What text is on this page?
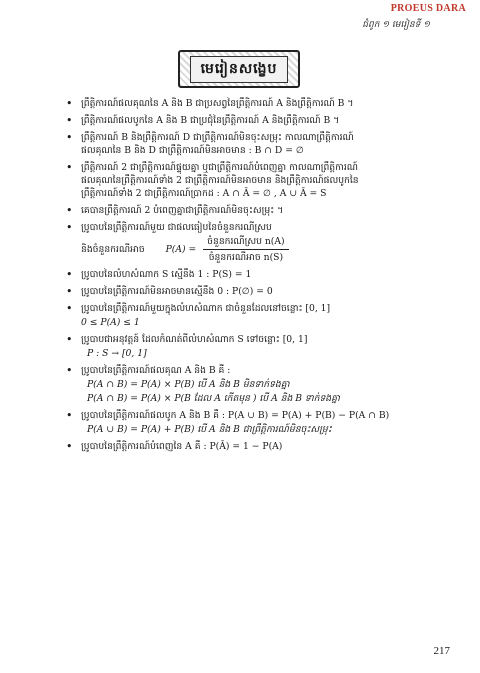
PROEUS DARA
ជំពូក ១ មេរៀនទី ១
មេរៀនសង្ខេប
• ព្រឹត្តិការណ៍ផលគុណនៃ A និង B ជាប្រសព្វនៃព្រឹត្តិការណ៍ A និងព្រឹត្តិការណ៍ B ។
• ព្រឹត្តិការណ៍ផលបូកនៃ A និង B ជាប្រជុំនៃព្រឹត្តិការណ៍ A និងព្រឹត្តិការណ៍ B ។
• ព្រឹត្តិការណ៍ B និងព្រឹត្តិការណ៍ D ជាព្រឹត្តិការណ៍មិនចុះសម្រុះ កាលណាព្រឹត្តិការណ៍
ផលគុណនៃ B និង D ជាព្រឹត្តិការណ៍មិនអាចមាន : B ∩ D = ∅
• ព្រឹត្តិការណ៍ 2 ជាព្រឹត្តិការណ៍ផ្ទុយគ្នា ឬជាព្រឹត្តិការណ៍បំពេញគ្នា កាលណាព្រឹត្តិការណ៍
ផលគុណនៃព្រឹត្តិការណ៍ទាំង 2 ជាព្រឹត្តិការណ៍មិនអាចមាន និងព្រឹត្តិការណ៍ផលបូកនៃ
ព្រឹត្តិការណ៍ទាំង 2 ជាព្រឹត្តិការណ៍ប្រាកដ : A ∩ Ā = ∅ , A ∪ Ā = S
• គេបានព្រឹត្តិការណ៍ 2 បំពេញគ្នាជាព្រឹត្តិការណ៍មិនចុះសម្រុះ ។
• ប្រូបាបនៃព្រឹត្តិការណ៍មួយ ជាផលធៀបនៃចំនួនករណីស្រប
និងចំនួនករណីអាច $P(A) = \frac{\text{ចំនួនករណីស្រប n(A)}}{\text{ចំនួនករណីអាច n(S)}}$
• ប្រូបាបនៃលំហសំណាក S ស្មើនឹង 1 : P(S) = 1
• ប្រូបាបនៃព្រឹត្តិការណ៍មិនអាចមានស្មើនឹង 0 : P(∅) = 0
• ប្រូបាបនៃព្រឹត្តិការណ៍មួយក្នុងលំហសំណាក ជាចំនួនដែលនៅចន្លោះ [0, 1]
0 ≤ P(A) ≤ 1
• ប្រូបាបជាអនុវត្តន៍ ដែលកំណត់ពីលំហសំណាក S ទៅចន្លោះ [0, 1]
P : S → [0, 1]
• ប្រូបាបនៃព្រឹត្តិការណ៍ផលគុណ A និង B គឺ :
P(A ∩ B) = P(A) × P(B) បើ A និង B មិនទាក់ទងគ្នា
P(A ∩ B) = P(A) × P(B ដែល A កើតមុន ) បើ A និង B ទាក់ទងគ្នា
• ប្រូបាបនៃព្រឹត្តិការណ៍ផលបូក A និង B គឺ : P(A ∪ B) = P(A) + P(B) − P(A ∩ B)
P(A ∪ B) = P(A) + P(B) បើ A និង B ជាព្រឹត្តិការណ៍មិនចុះសម្រុះ
• ប្រូបាបនៃព្រឹត្តិការណ៍បំពេញនៃ A គឺ : P(Ā) = 1 − P(A)
217
